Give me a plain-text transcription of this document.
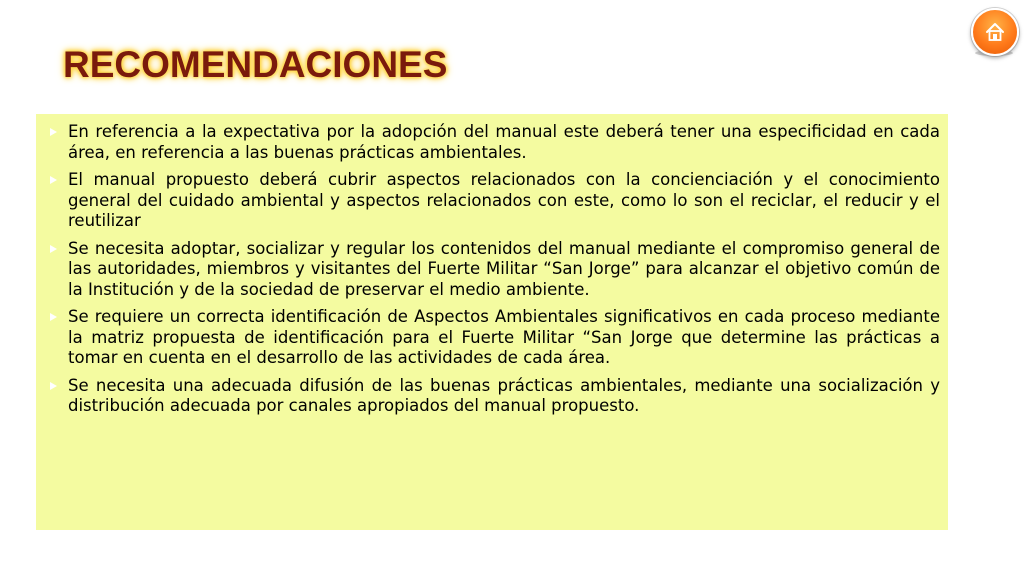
RECOMENDACIONES
En referencia a la expectativa por la adopción del manual este deberá tener una especificidad en cada área, en referencia a las buenas prácticas ambientales.
El manual propuesto deberá cubrir aspectos relacionados con la concienciación y el conocimiento general del cuidado ambiental y aspectos relacionados con este, como lo son el reciclar, el reducir y el reutilizar
Se necesita adoptar, socializar y regular los contenidos del manual mediante el compromiso general de las autoridades, miembros y visitantes del Fuerte Militar “San Jorge” para alcanzar el objetivo común de la Institución y de la sociedad de preservar el medio ambiente.
Se requiere un correcta identificación de Aspectos Ambientales significativos en cada proceso mediante la matriz propuesta de identificación para el Fuerte Militar “San Jorge que determine las prácticas a tomar en cuenta en el desarrollo de las actividades de cada área.
Se necesita una adecuada difusión de las buenas prácticas ambientales, mediante una socialización y distribución adecuada por canales apropiados del manual propuesto.
